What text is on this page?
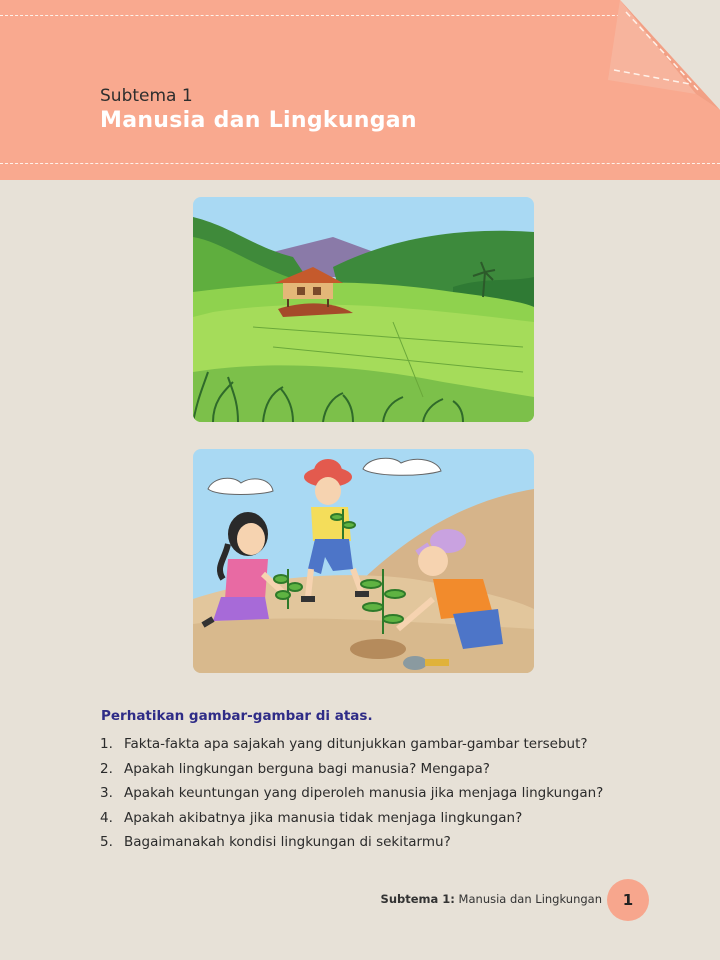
Subtema 1
Manusia dan Lingkungan
Perhatikan gambar-gambar di atas.
1. Fakta-fakta apa sajakah yang ditunjukkan gambar-gambar tersebut?
2. Apakah lingkungan berguna bagi manusia? Mengapa?
3. Apakah keuntungan yang diperoleh manusia jika menjaga lingkungan?
4. Apakah akibatnya jika manusia tidak menjaga lingkungan?
5. Bagaimanakah kondisi lingkungan di sekitarmu?
Subtema 1: Manusia dan Lingkungan	1
